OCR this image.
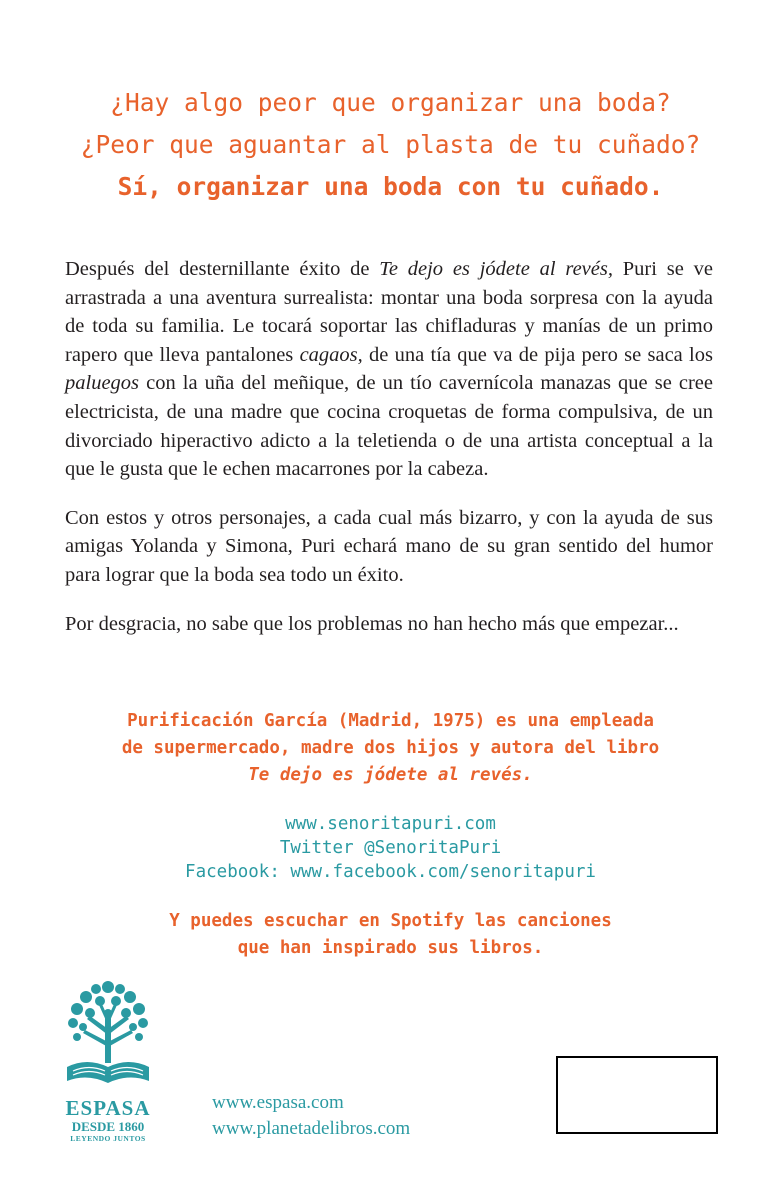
¿Hay algo peor que organizar una boda?
¿Peor que aguantar al plasta de tu cuñado?
Sí, organizar una boda con tu cuñado.

Después del desternillante éxito de Te dejo es jódete al revés, Puri se ve arrastrada a una aventura surrealista: montar una boda sorpresa con la ayuda de toda su familia. Le tocará soportar las chifladuras y manías de un primo rapero que lleva pantalones cagaos, de una tía que va de pija pero se saca los paluegos con la uña del meñique, de un tío cavernícola manazas que se cree electricista, de una madre que cocina croquetas de forma compulsiva, de un divorciado hiperactivo adicto a la teletienda o de una artista conceptual a la que le gusta que le echen macarrones por la cabeza.

Con estos y otros personajes, a cada cual más bizarro, y con la ayuda de sus amigas Yolanda y Simona, Puri echará mano de su gran sentido del humor para lograr que la boda sea todo un éxito.

Por desgracia, no sabe que los problemas no han hecho más que empezar...

Purificación García (Madrid, 1975) es una empleada
de supermercado, madre dos hijos y autora del libro
Te dejo es jódete al revés.
www.senoritapuri.com
Twitter @SenoritaPuri
Facebook: www.facebook.com/senoritapuri
Y puedes escuchar en Spotify las canciones
que han inspirado sus libros.
ESPASA
DESDE 1860
LEYENDO JUNTOS
www.espasa.com
www.planetadelibros.com
